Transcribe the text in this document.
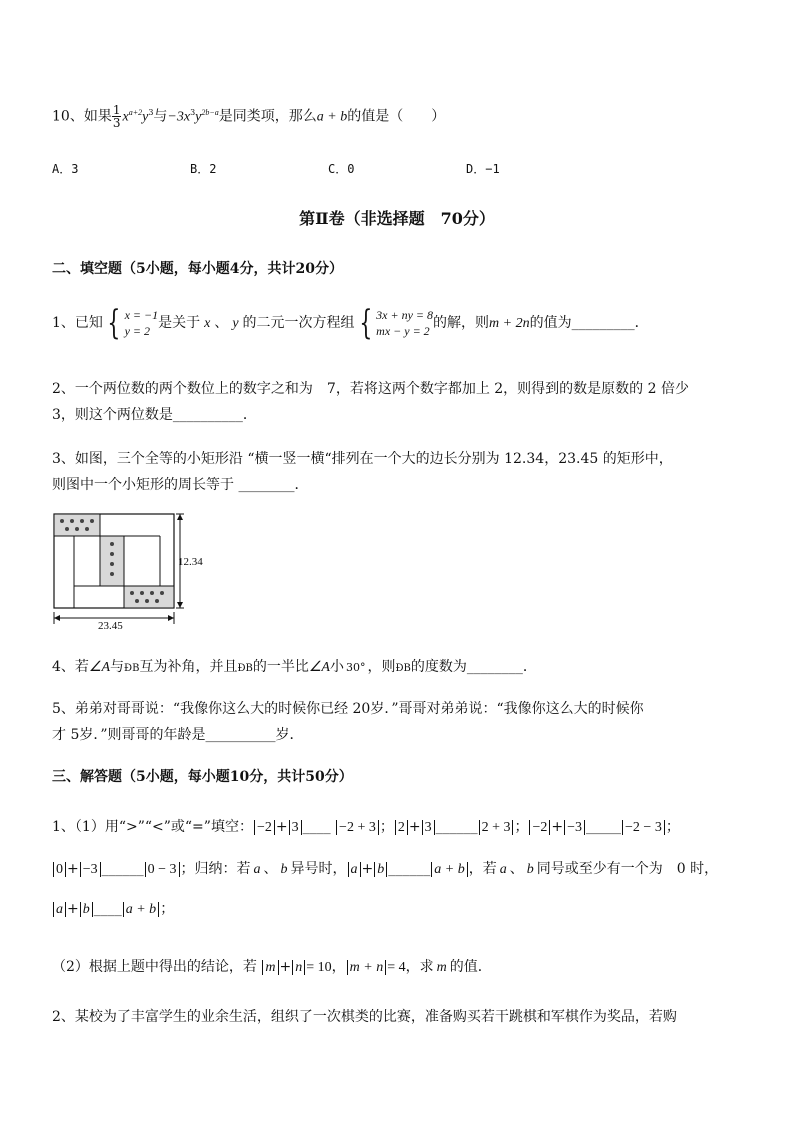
10、如果 $\frac{1}{3} x^{a+2}y^3$与$-3x^3y^{2b-a}$是同类项，那么a + b的值是（　　）
A．3	B．2	C．0	D．−1
第Ⅱ卷（非选择题　70分）
二、填空题（5小题，每小题4分，共计20分）
1、已知 { x = −1
y = 2 是关于 x 、 y 的二元一次方程组 { 3x + ny = 8
mx − y = 2 的解，则m + 2n的值为_________．
2、一个两位数的两个数位上的数字之和为　7，若将这两个数字都加上 2，则得到的数是原数的 2 倍少
3，则这个两位数是__________．
3、如图，三个全等的小矩形沿 “横一竖一横“排列在一个大的边长分别为 12.34，23.45 的矩形中，
则图中一个小矩形的周长等于 ________．
12.34
23.45
4、若∠A与ÐB互为补角，并且ÐB的一半比∠A小 30° ，则ÐB的度数为________．
5、弟弟对哥哥说：“我像你这么大的时候你已经 20岁．”哥哥对弟弟说：“我像你这么大的时候你
才 5岁．”则哥哥的年龄是__________岁．
三、解答题（5小题，每小题10分，共计50分）
1、（1）用“>”“<”或“=”填空： −2 + 3 ____ −2 + 3 ； 2 + 3 ______ 2 + 3 ； −2 + −3 _____ −2 − 3 ；
0 + −3 ______ 0 − 3 ；归纳：若 a 、 b 异号时， a + b ______ a + b ，若 a 、 b 同号或至少有一个为　0 时，
a + b ____ a + b ；
（2）根据上题中得出的结论，若 m + n = 10， m + n = 4，求 m 的值．
2、某校为了丰富学生的业余生活，组织了一次棋类的比赛，准备购买若干跳棋和军棋作为奖品，若购
